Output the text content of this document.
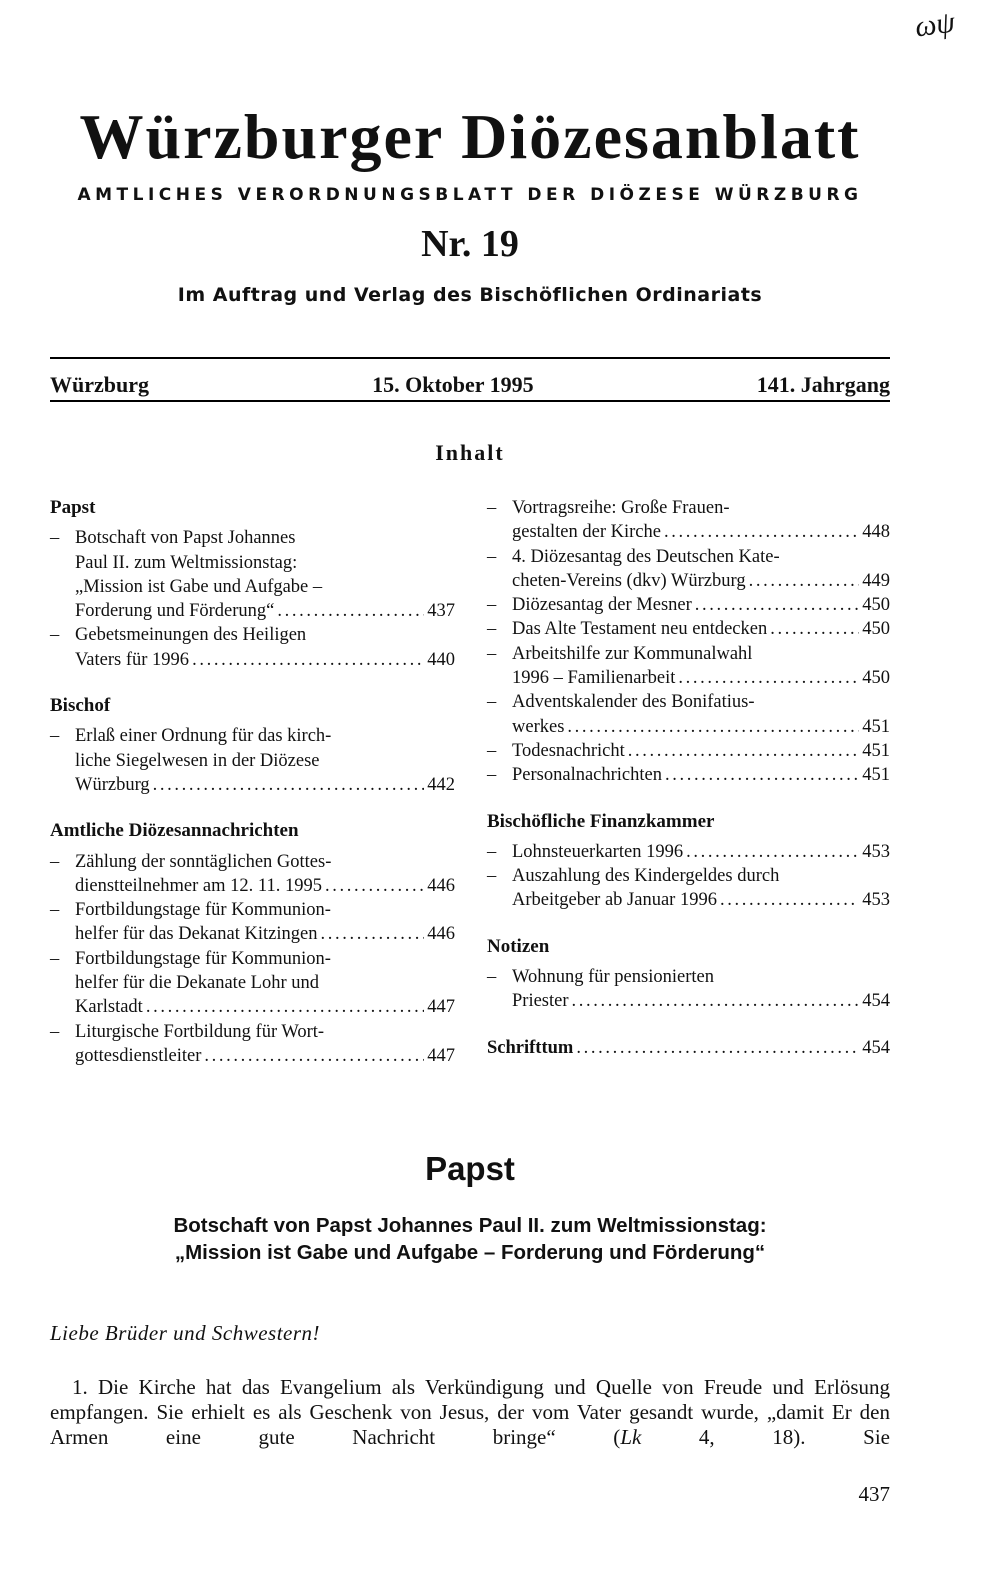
ωψ
Würzburger Diözesanblatt
AMTLICHES VERORDNUNGSBLATT DER DIÖZESE WÜRZBURG
Nr. 19
Im Auftrag und Verlag des Bischöflichen Ordinariats
Würzburg	15. Oktober 1995	141. Jahrgang
Inhalt
Papst
– Botschaft von Papst Johannes
Paul II. zum Weltmissionstag:
„Mission ist Gabe und Aufgabe –
Forderung und Förderung“ . . .	437
– Gebetsmeinungen des Heiligen
Vaters für 1996 . . .	440
Bischof
– Erlaß einer Ordnung für das kirch-
liche Siegelwesen in der Diözese
Würzburg . . .	442
Amtliche Diözesannachrichten
– Zählung der sonntäglichen Gottes-
dienstteilnehmer am 12. 11. 1995 . . .	446
– Fortbildungstage für Kommunion-
helfer für das Dekanat Kitzingen . . .	446
– Fortbildungstage für Kommunion-
helfer für die Dekanate Lohr und
Karlstadt . . .	447
– Liturgische Fortbildung für Wort-
gottesdienstleiter . . .	447
– Vortragsreihe: Große Frauen-
gestalten der Kirche . . .	448
– 4. Diözesantag des Deutschen Kate-
cheten-Vereins (dkv) Würzburg . . .	449
– Diözesantag der Mesner . . .	450
– Das Alte Testament neu entdecken . . .	450
– Arbeitshilfe zur Kommunalwahl
1996 – Familienarbeit . . .	450
– Adventskalender des Bonifatius-
werkes . . .	451
– Todesnachricht . . .	451
– Personalnachrichten . . .	451
Bischöfliche Finanzkammer
– Lohnsteuerkarten 1996 . . .	453
– Auszahlung des Kindergeldes durch
Arbeitgeber ab Januar 1996 . . .	453
Notizen
– Wohnung für pensionierten
Priester . . .	454
Schrifttum . . .	454
Papst
Botschaft von Papst Johannes Paul II. zum Weltmissionstag:
„Mission ist Gabe und Aufgabe – Forderung und Förderung“
Liebe Brüder und Schwestern!
1. Die Kirche hat das Evangelium als Verkündigung und Quelle von Freude und Erlösung empfangen. Sie erhielt es als Geschenk von Jesus, der vom Vater gesandt wurde, „damit Er den Armen eine gute Nachricht bringe“ (Lk 4, 18). Sie
437
